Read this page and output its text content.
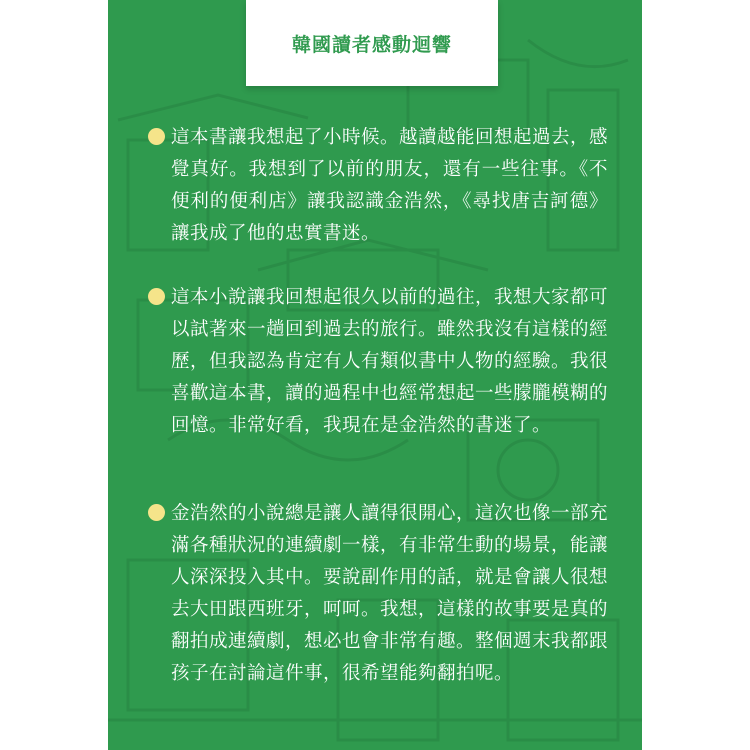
韓國讀者感動迴響

這本書讓我想起了小時候。越讀越能回想起過去，感覺真好。我想到了以前的朋友，還有一些往事。《不便利的便利店》讓我認識金浩然，《尋找唐吉訶德》讓我成了他的忠實書迷。

這本小說讓我回想起很久以前的過往，我想大家都可以試著來一趟回到過去的旅行。雖然我沒有這樣的經歷，但我認為肯定有人有類似書中人物的經驗。我很喜歡這本書，讀的過程中也經常想起一些朦朧模糊的回憶。非常好看，我現在是金浩然的書迷了。

金浩然的小說總是讓人讀得很開心，這次也像一部充滿各種狀況的連續劇一樣，有非常生動的場景，能讓人深深投入其中。要說副作用的話，就是會讓人很想去大田跟西班牙，呵呵。我想，這樣的故事要是真的翻拍成連續劇，想必也會非常有趣。整個週末我都跟孩子在討論這件事，很希望能夠翻拍呢。
